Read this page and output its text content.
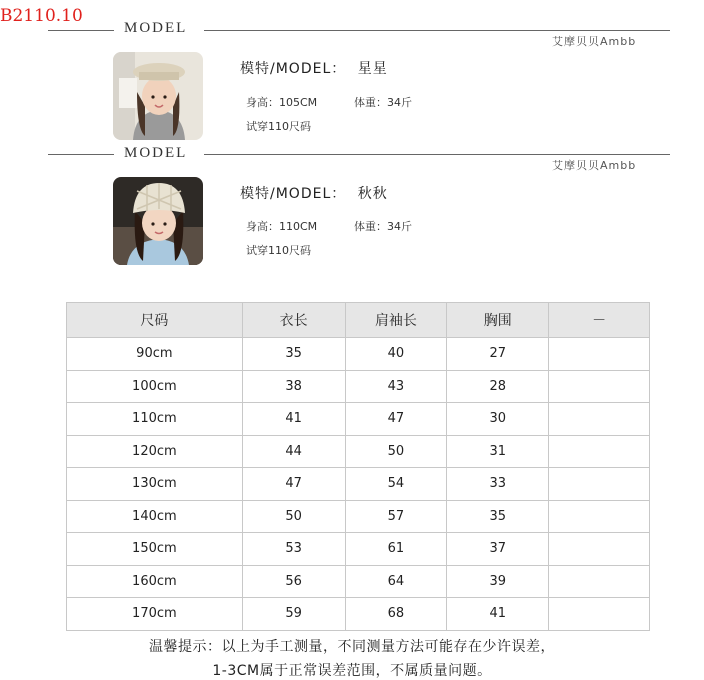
B2110.10
MODEL
艾摩贝贝Ambb
模特/MODEL： 星星
身高：105CM	体重：34斤
试穿110尺码
MODEL
艾摩贝贝Ambb
模特/MODEL： 秋秋
身高：110CM	体重：34斤
试穿110尺码
尺码	衣长	肩袖长	胸围	－
90cm	35	40	27	
100cm	38	43	28	
110cm	41	47	30	
120cm	44	50	31	
130cm	47	54	33	
140cm	50	57	35	
150cm	53	61	37	
160cm	56	64	39	
170cm	59	68	41	
温馨提示：以上为手工测量，不同测量方法可能存在少许误差，
1-3CM属于正常误差范围，不属质量问题。
